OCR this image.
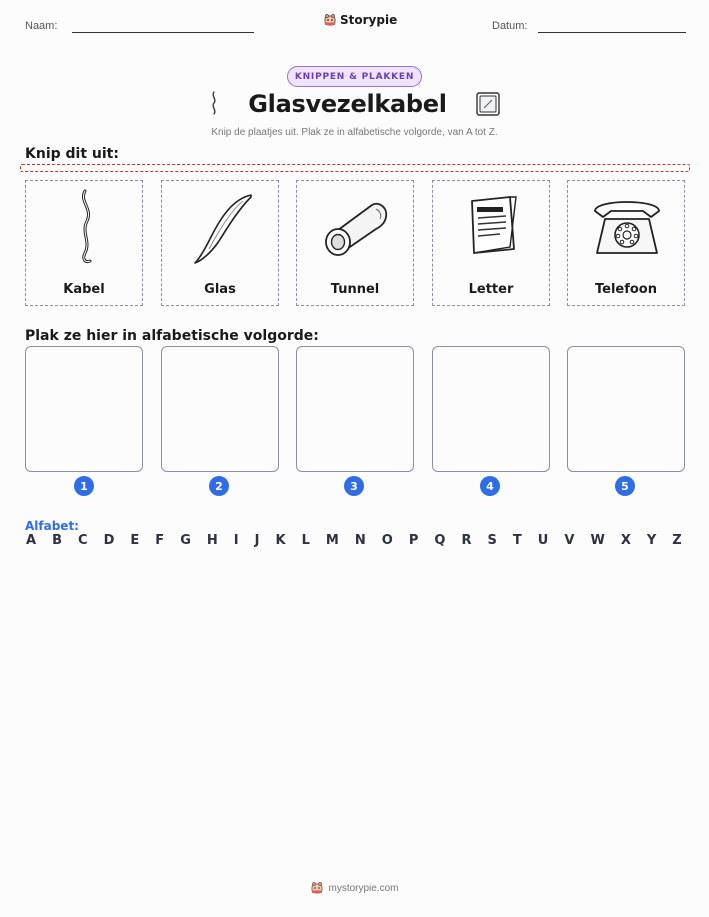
Naam:	Storypie	Datum:
KNIPPEN & PLAKKEN
Glasvezelkabel
Knip de plaatjes uit. Plak ze in alfabetische volgorde, van A tot Z.
Knip dit uit:
Kabel	Glas	Tunnel	Letter	Telefoon
Plak ze hier in alfabetische volgorde:
1	2	3	4	5
Alfabet:
A B C D E F G H I J K L M N O P Q R S T U V W X Y Z
mystorypie.com
